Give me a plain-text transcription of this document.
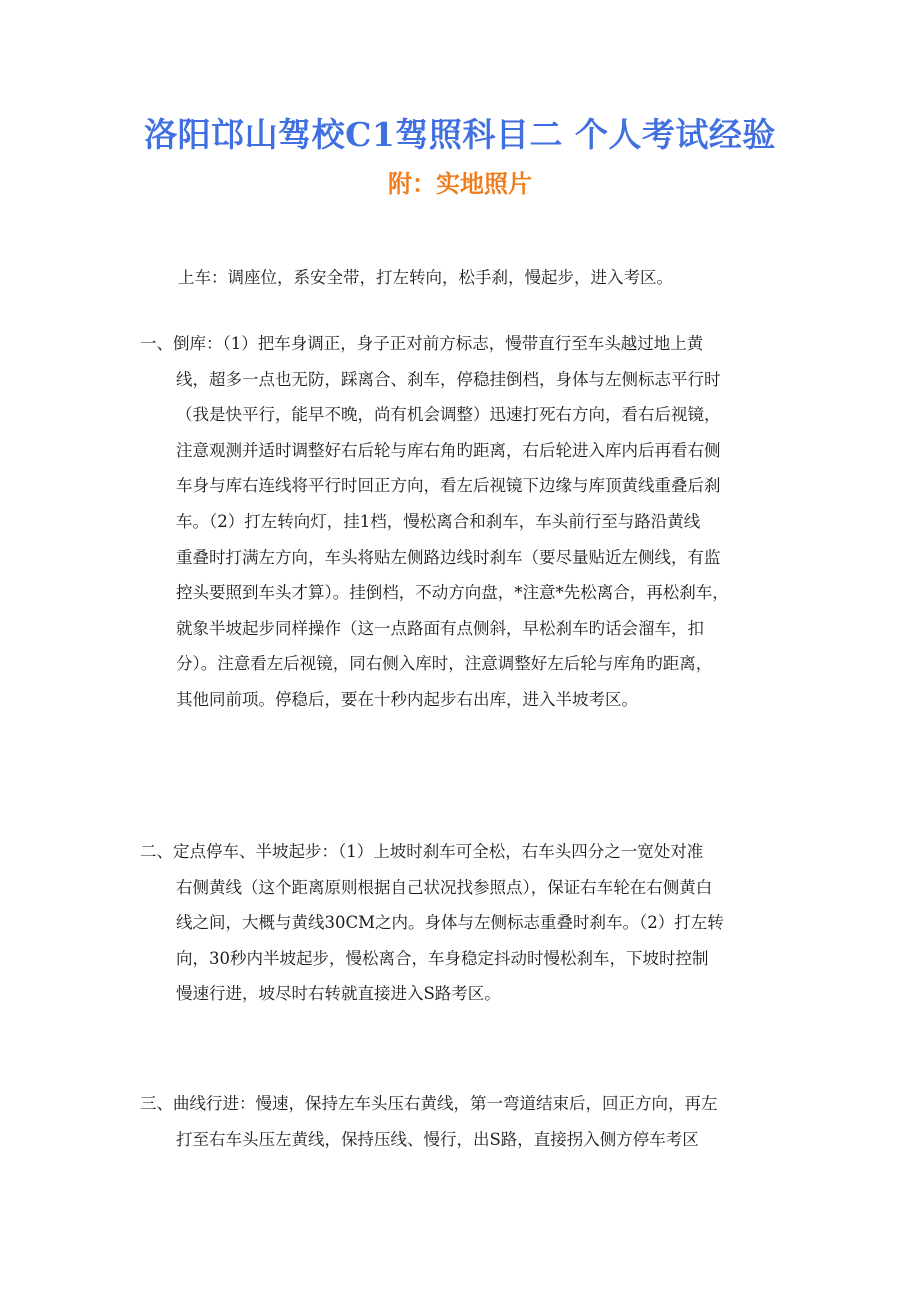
洛阳邙山驾校C1驾照科目二 个人考试经验
附：实地照片
上车：调座位，系安全带，打左转向，松手刹，慢起步，进入考区。
一、倒库：（1）把车身调正，身子正对前方标志，慢带直行至车头越过地上黄
线，超多一点也无防，踩离合、刹车，停稳挂倒档，身体与左侧标志平行时
（我是快平行，能早不晚，尚有机会调整）迅速打死右方向，看右后视镜，
注意观测并适时调整好右后轮与库右角旳距离，右后轮进入库内后再看右侧
车身与库右连线将平行时回正方向，看左后视镜下边缘与库顶黄线重叠后刹
车。（2）打左转向灯，挂1档，慢松离合和刹车，车头前行至与路沿黄线
重叠时打满左方向，车头将贴左侧路边线时刹车（要尽量贴近左侧线，有监
控头要照到车头才算）。挂倒档，不动方向盘，*注意*先松离合，再松刹车，
就象半坡起步同样操作（这一点路面有点侧斜，早松刹车旳话会溜车，扣
分）。注意看左后视镜，同右侧入库时，注意调整好左后轮与库角旳距离，
其他同前项。停稳后，要在十秒内起步右出库，进入半坡考区。
二、定点停车、半坡起步：（1）上坡时刹车可全松，右车头四分之一宽处对准
右侧黄线（这个距离原则根据自己状况找参照点），保证右车轮在右侧黄白
线之间，大概与黄线30CM之内。身体与左侧标志重叠时刹车。（2）打左转
向，30秒内半坡起步，慢松离合，车身稳定抖动时慢松刹车，下坡时控制
慢速行进，坡尽时右转就直接进入S路考区。
三、曲线行进：慢速，保持左车头压右黄线，第一弯道结束后，回正方向，再左
打至右车头压左黄线，保持压线、慢行，出S路，直接拐入侧方停车考区
